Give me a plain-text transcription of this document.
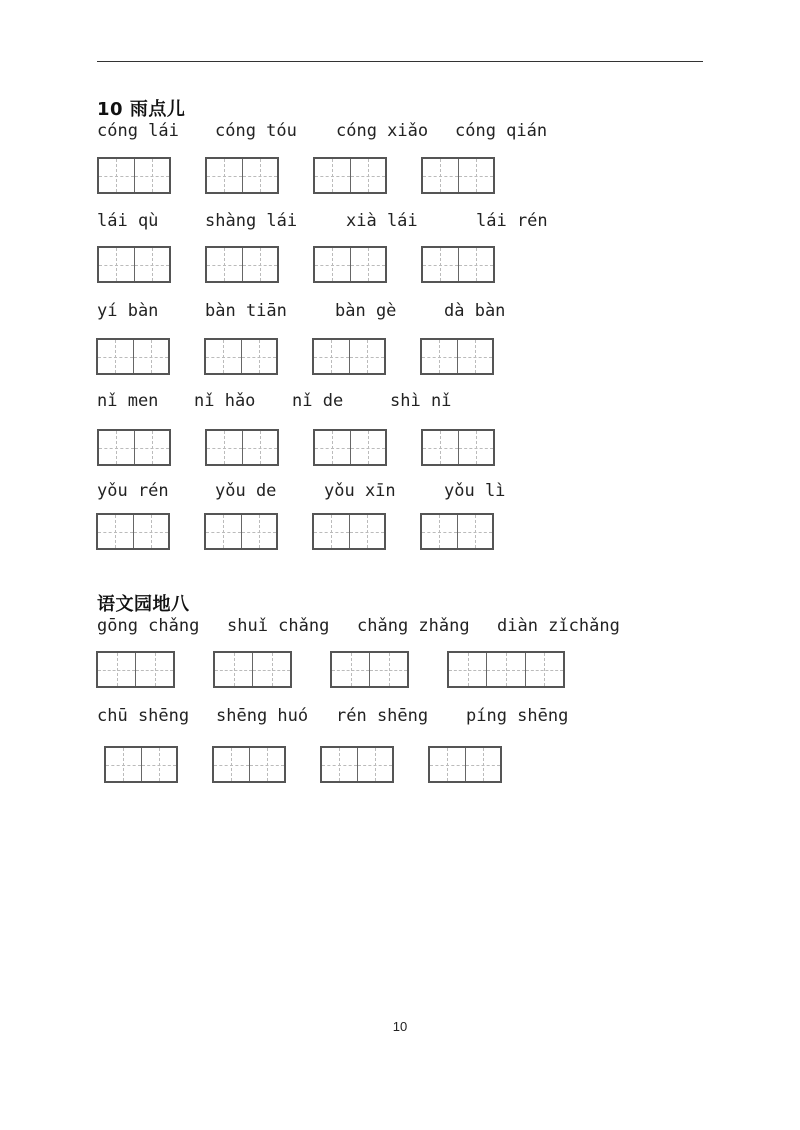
10 雨点儿
cóng lái cóng tóu cóng xiǎo cóng qián
lái qù	shàng lái	xià lái	lái rén
yí bàn	bàn tiān	bàn gè	dà bàn
nǐ men nǐ hǎo nǐ de	shì nǐ
yǒu rén	yǒu de	yǒu xīn	yǒu lì
语文园地八
gōng chǎng shuǐ chǎng chǎng zhǎng diàn zǐchǎng
chū shēng shēng huó rén shēng píng shēng
10
